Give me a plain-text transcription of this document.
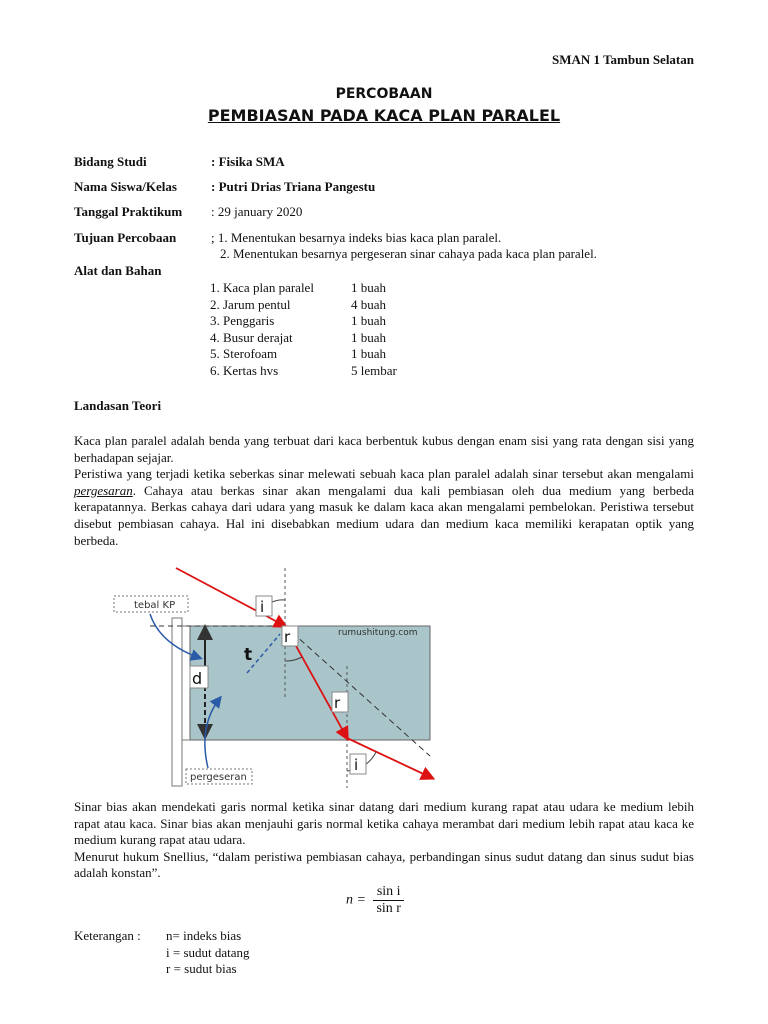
SMAN 1 Tambun Selatan
PERCOBAAN
PEMBIASAN PADA KACA PLAN PARALEL
Bidang Studi	: Fisika SMA
Nama Siswa/Kelas	: Putri Drias Triana Pangestu
Tanggal Praktikum	: 29 january 2020
Tujuan Percobaan	; 1. Menentukan besarnya indeks bias kaca plan paralel.
2. Menentukan besarnya pergeseran sinar cahaya pada kaca plan paralel.
Alat dan Bahan
1. Kaca plan paralel	1 buah
2. Jarum pentul	4 buah
3. Penggaris	1 buah
4. Busur derajat	1 buah
5. Sterofoam	1 buah
6. Kertas hvs	5 lembar
Landasan Teori

Kaca plan paralel adalah benda yang terbuat dari kaca berbentuk kubus dengan enam sisi yang rata dengan sisi yang berhadapan sejajar.

Peristiwa yang terjadi ketika seberkas sinar melewati sebuah kaca plan paralel adalah sinar tersebut akan mengalami pergesaran. Cahaya atau berkas sinar akan mengalami dua kali pembiasan oleh dua medium yang berbeda kerapatannya. Berkas cahaya dari udara yang masuk ke dalam kaca akan mengalami pembelokan. Peristiwa tersebut disebut pembiasan cahaya. Hal ini disebabkan medium udara dan medium kaca memiliki kerapatan optik yang berbeda.

tebal KP
pergeseran
rumushitung.com
i
r
r
i
t
d

Sinar bias akan mendekati garis normal ketika sinar datang dari medium kurang rapat atau udara ke medium lebih rapat atau kaca. Sinar bias akan menjauhi garis normal ketika cahaya merambat dari medium lebih rapat atau kaca ke medium kurang rapat atau udara.

Menurut hukum Snellius, “dalam peristiwa pembiasan cahaya, perbandingan sinus sudut datang dan sinus sudut bias adalah konstan”.

$n = \frac{\text{sin i}}{\text{sin r}}$
Keterangan : n= indeks bias
i = sudut datang
r = sudut bias
